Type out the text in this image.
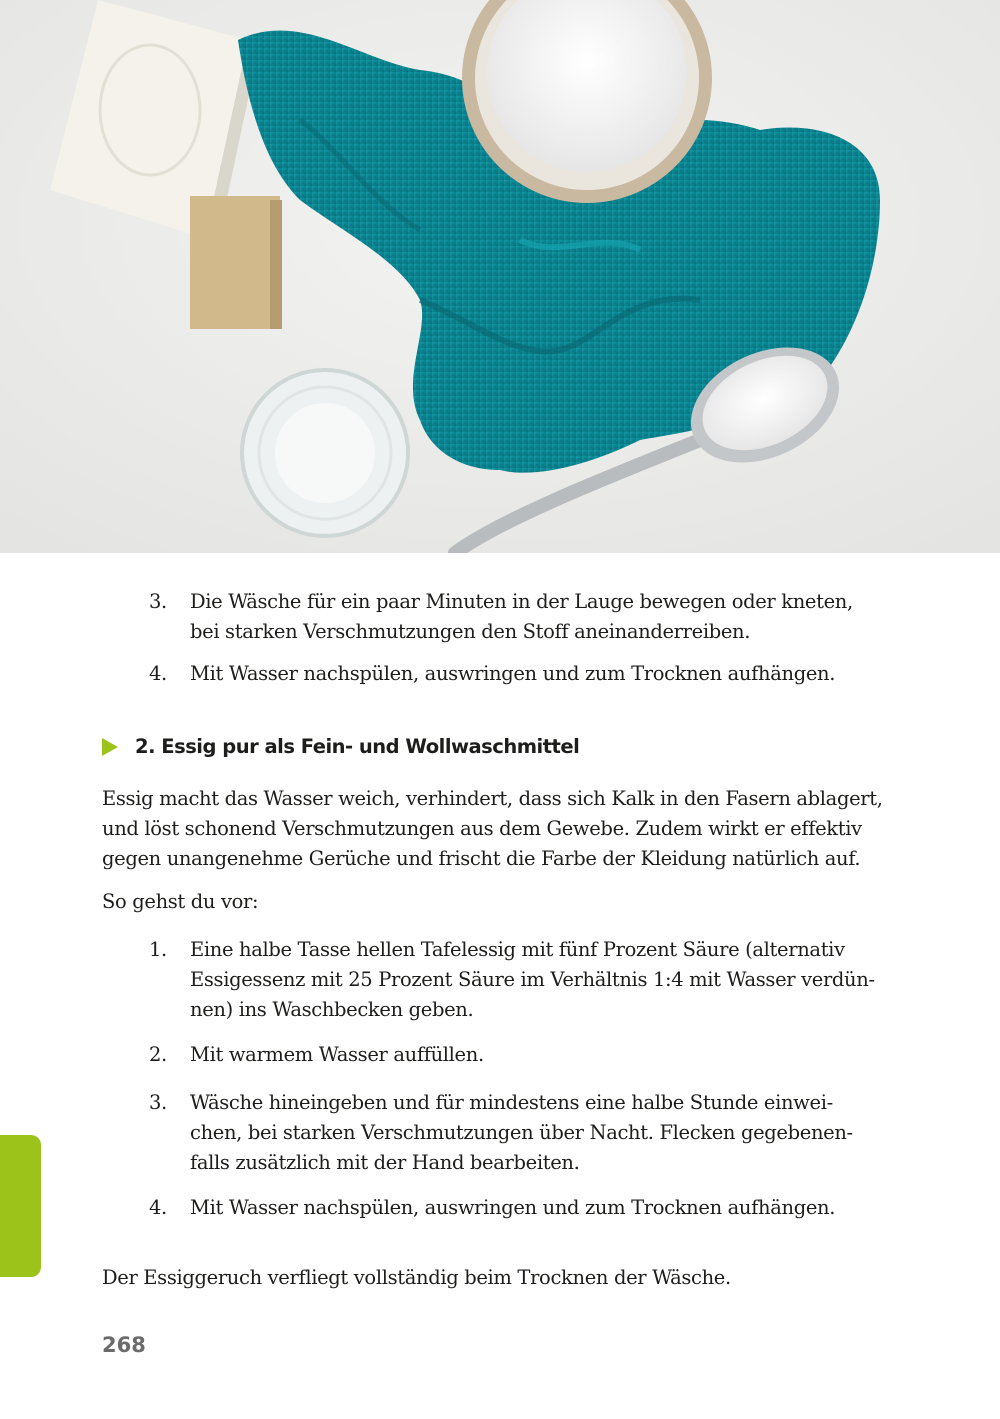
3. Die Wäsche für ein paar Minuten in der Lauge bewegen oder kneten,
bei starken Verschmutzungen den Stoff aneinanderreiben.
4. Mit Wasser nachspülen, auswringen und zum Trocknen aufhängen.
2. Essig pur als Fein- und Wollwaschmittel
Essig macht das Wasser weich, verhindert, dass sich Kalk in den Fasern ablagert,
und löst schonend Verschmutzungen aus dem Gewebe. Zudem wirkt er effektiv
gegen unangenehme Gerüche und frischt die Farbe der Kleidung natürlich auf.
So gehst du vor:
1. Eine halbe Tasse hellen Tafelessig mit fünf Prozent Säure (alternativ
Essigessenz mit 25 Prozent Säure im Verhältnis 1:4 mit Wasser verdün-
nen) ins Waschbecken geben.
2. Mit warmem Wasser auffüllen.
3. Wäsche hineingeben und für mindestens eine halbe Stunde einwei-
chen, bei starken Verschmutzungen über Nacht. Flecken gegebenen-
falls zusätzlich mit der Hand bearbeiten.
4. Mit Wasser nachspülen, auswringen und zum Trocknen aufhängen.
Der Essiggeruch verfliegt vollständig beim Trocknen der Wäsche.
268
